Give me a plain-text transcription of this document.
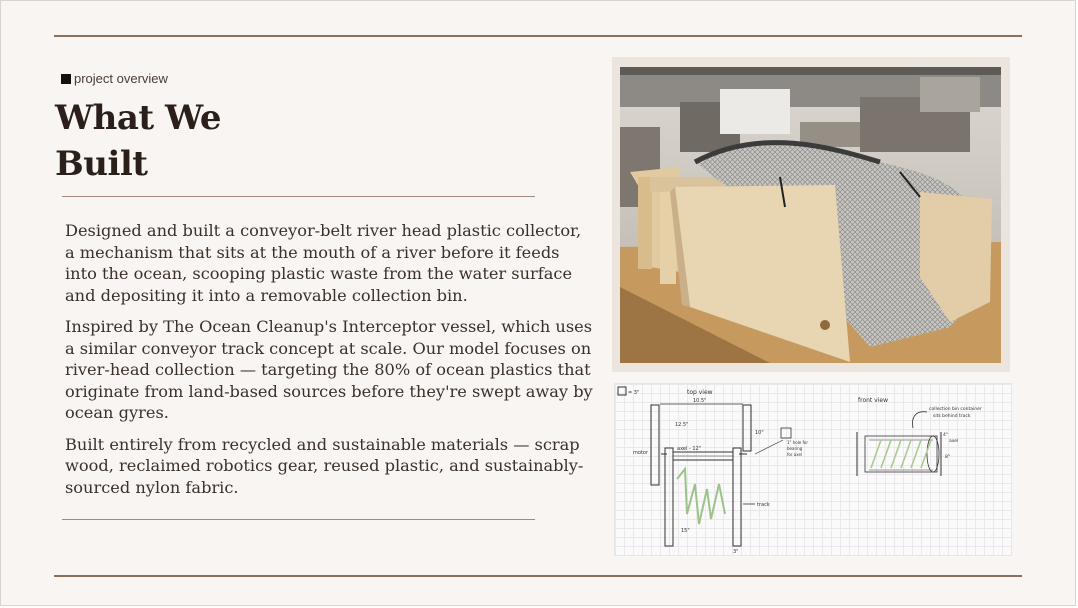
project overview
What We
Built

Designed and built a conveyor-belt river head plastic collector, a mechanism that sits at the mouth of a river before it feeds into the ocean, scooping plastic waste from the water surface and depositing it into a removable collection bin.

Inspired by The Ocean Cleanup's Interceptor vessel, which uses a similar conveyor track concept at scale. Our model focuses on river-head collection — targeting the 80% of ocean plastics that originate from land-based sources before they're swept away by ocean gyres.

Built entirely from recycled and sustainable materials — scrap wood, reclaimed robotics gear, reused plastic, and sustainably-sourced nylon fabric.

= 3"	top view
10.5"
12.5"
axel - 12"
10"
motor
1" hole for
bearing
for axel
track
15"
3"
front view
collection bin container
sits behind track
axel
4"
8"
